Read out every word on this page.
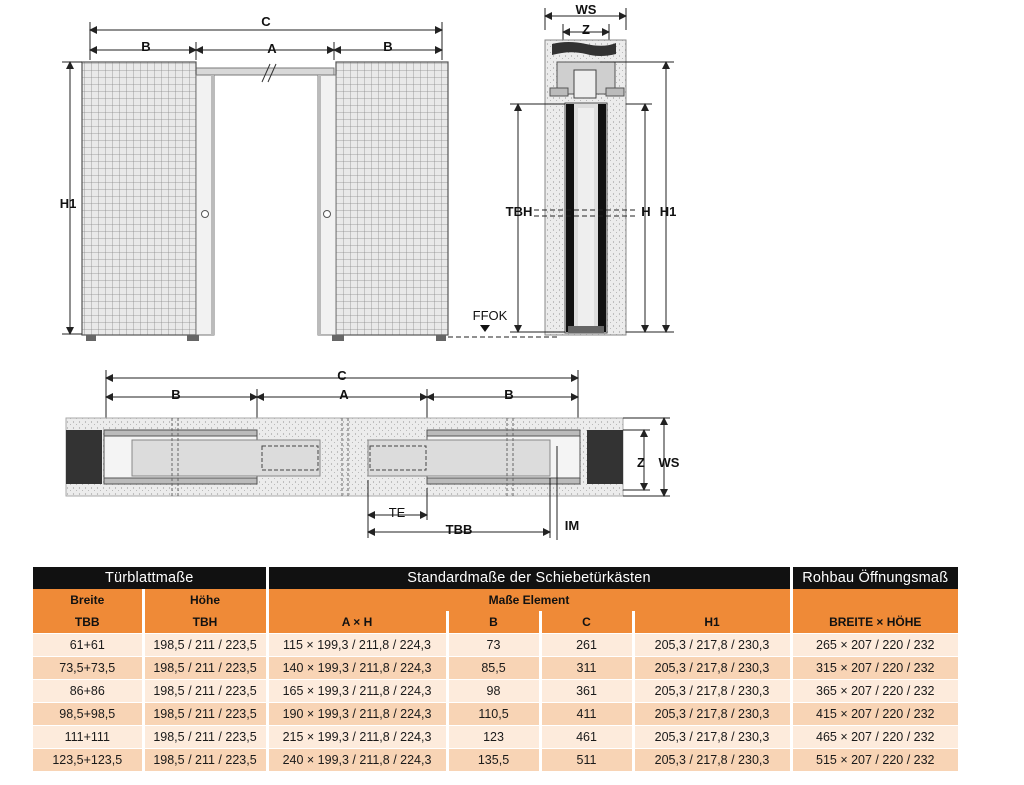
C
B	A	B
H1
FFOK
WS
Z
TBH	H H1
C
B	A	B
Z WS
TE
TBB	IM
Türblattmaße		Standardmaße der Schiebetürkästen				Rohbau Öffnungsmaß
Breite	Höhe	Maße Element				
TBB	TBH	A × H	B	C	H1	BREITE × HÖHE
61+61	198,5 / 211 / 223,5	115 × 199,3 / 211,8 / 224,3	73	261	205,3 / 217,8 / 230,3	265 × 207 / 220 / 232
73,5+73,5	198,5 / 211 / 223,5	140 × 199,3 / 211,8 / 224,3	85,5	311	205,3 / 217,8 / 230,3	315 × 207 / 220 / 232
86+86	198,5 / 211 / 223,5	165 × 199,3 / 211,8 / 224,3	98	361	205,3 / 217,8 / 230,3	365 × 207 / 220 / 232
98,5+98,5	198,5 / 211 / 223,5	190 × 199,3 / 211,8 / 224,3	110,5	411	205,3 / 217,8 / 230,3	415 × 207 / 220 / 232
111+111	198,5 / 211 / 223,5	215 × 199,3 / 211,8 / 224,3	123	461	205,3 / 217,8 / 230,3	465 × 207 / 220 / 232
123,5+123,5	198,5 / 211 / 223,5	240 × 199,3 / 211,8 / 224,3	135,5	511	205,3 / 217,8 / 230,3	515 × 207 / 220 / 232
